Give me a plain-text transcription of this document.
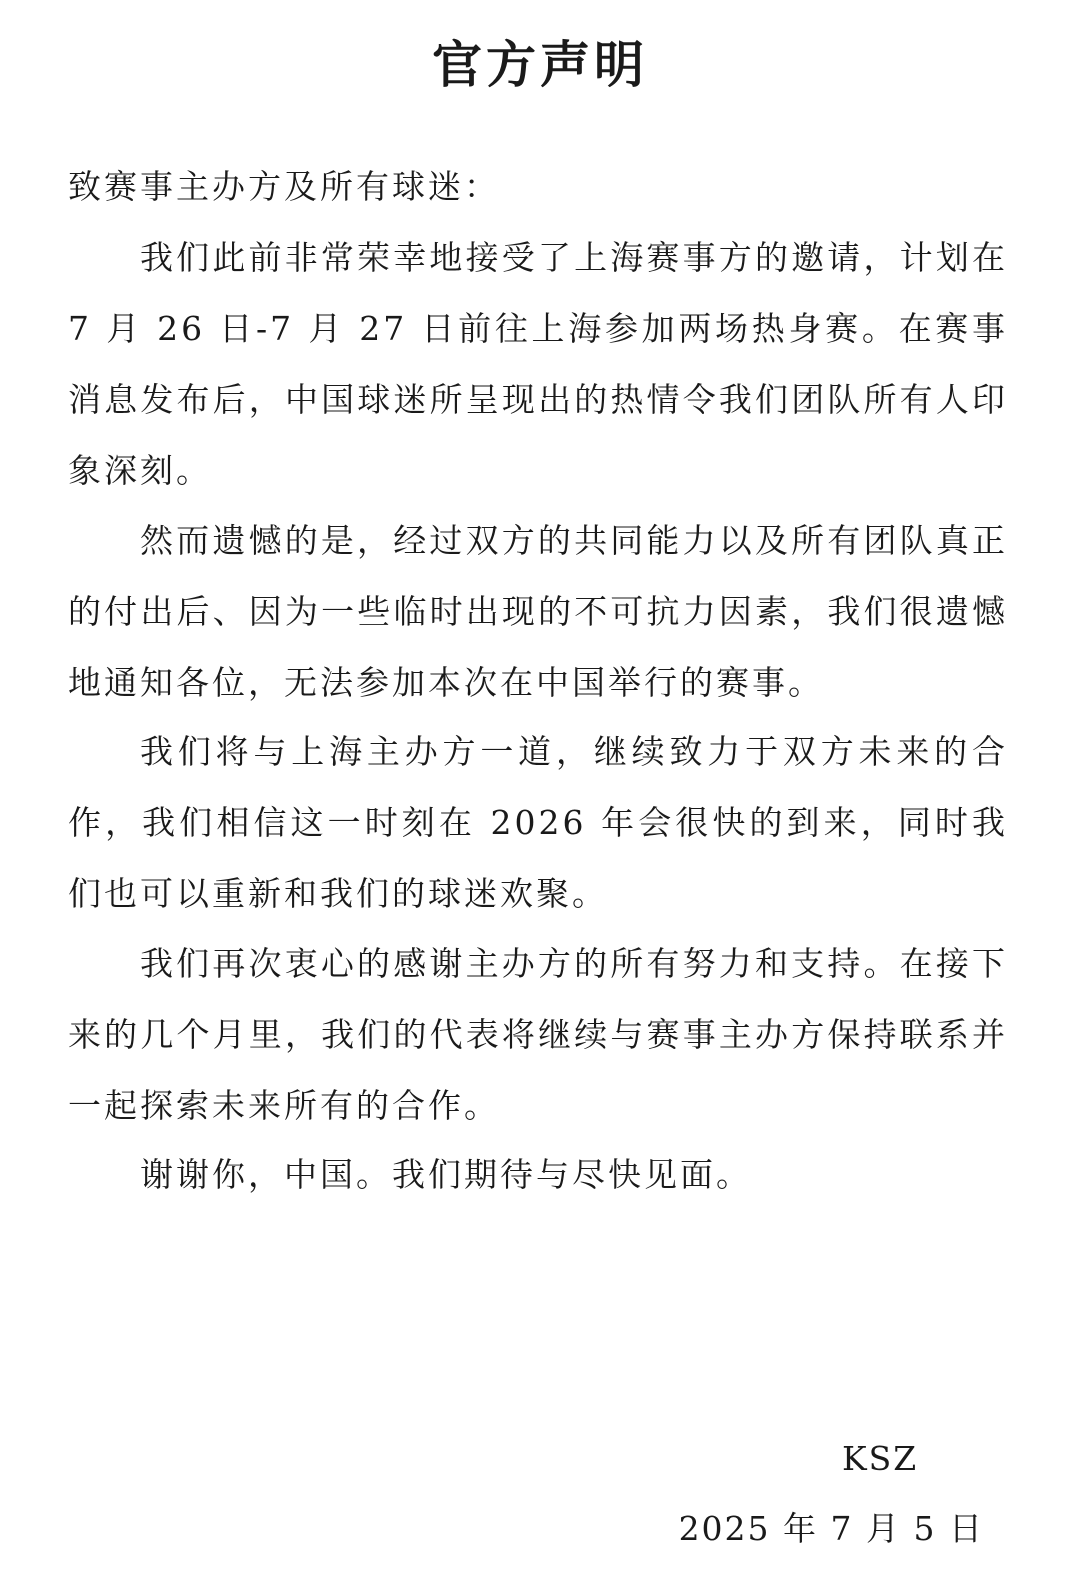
官方声明

致赛事主办方及所有球迷：

我们此前非常荣幸地接受了上海赛事方的邀请，计划在7 月 26 日-7 月 27 日前往上海参加两场热身赛。在赛事消息发布后，中国球迷所呈现出的热情令我们团队所有人印象深刻。

然而遗憾的是，经过双方的共同能力以及所有团队真正的付出后、因为一些临时出现的不可抗力因素，我们很遗憾地通知各位，无法参加本次在中国举行的赛事。

我们将与上海主办方一道，继续致力于双方未来的合作，我们相信这一时刻在 2026 年会很快的到来，同时我们也可以重新和我们的球迷欢聚。

我们再次衷心的感谢主办方的所有努力和支持。在接下来的几个月里，我们的代表将继续与赛事主办方保持联系并一起探索未来所有的合作。

谢谢你，中国。我们期待与尽快见面。

KSZ

2025 年 7 月 5 日
